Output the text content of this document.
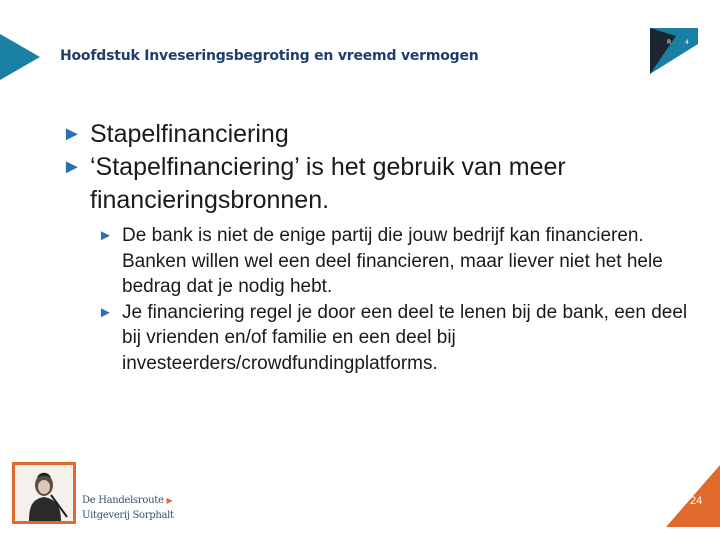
Hoofdstuk Inveseringsbegroting en vreemd vermogen
R 4
► Stapelfinanciering
► ‘Stapelfinanciering’ is het gebruik van meer financieringsbronnen.
► De bank is niet de enige partij die jouw bedrijf kan financieren. Banken willen wel een deel financieren, maar liever niet het hele bedrag dat je nodig hebt.
► Je financiering regel je door een deel te lenen bij de bank, een deel bij vrienden en/of familie en een deel bij investeerders/crowdfundingplatforms.
De Handelsroute ▶
Uitgeverij Sorphalt
24
